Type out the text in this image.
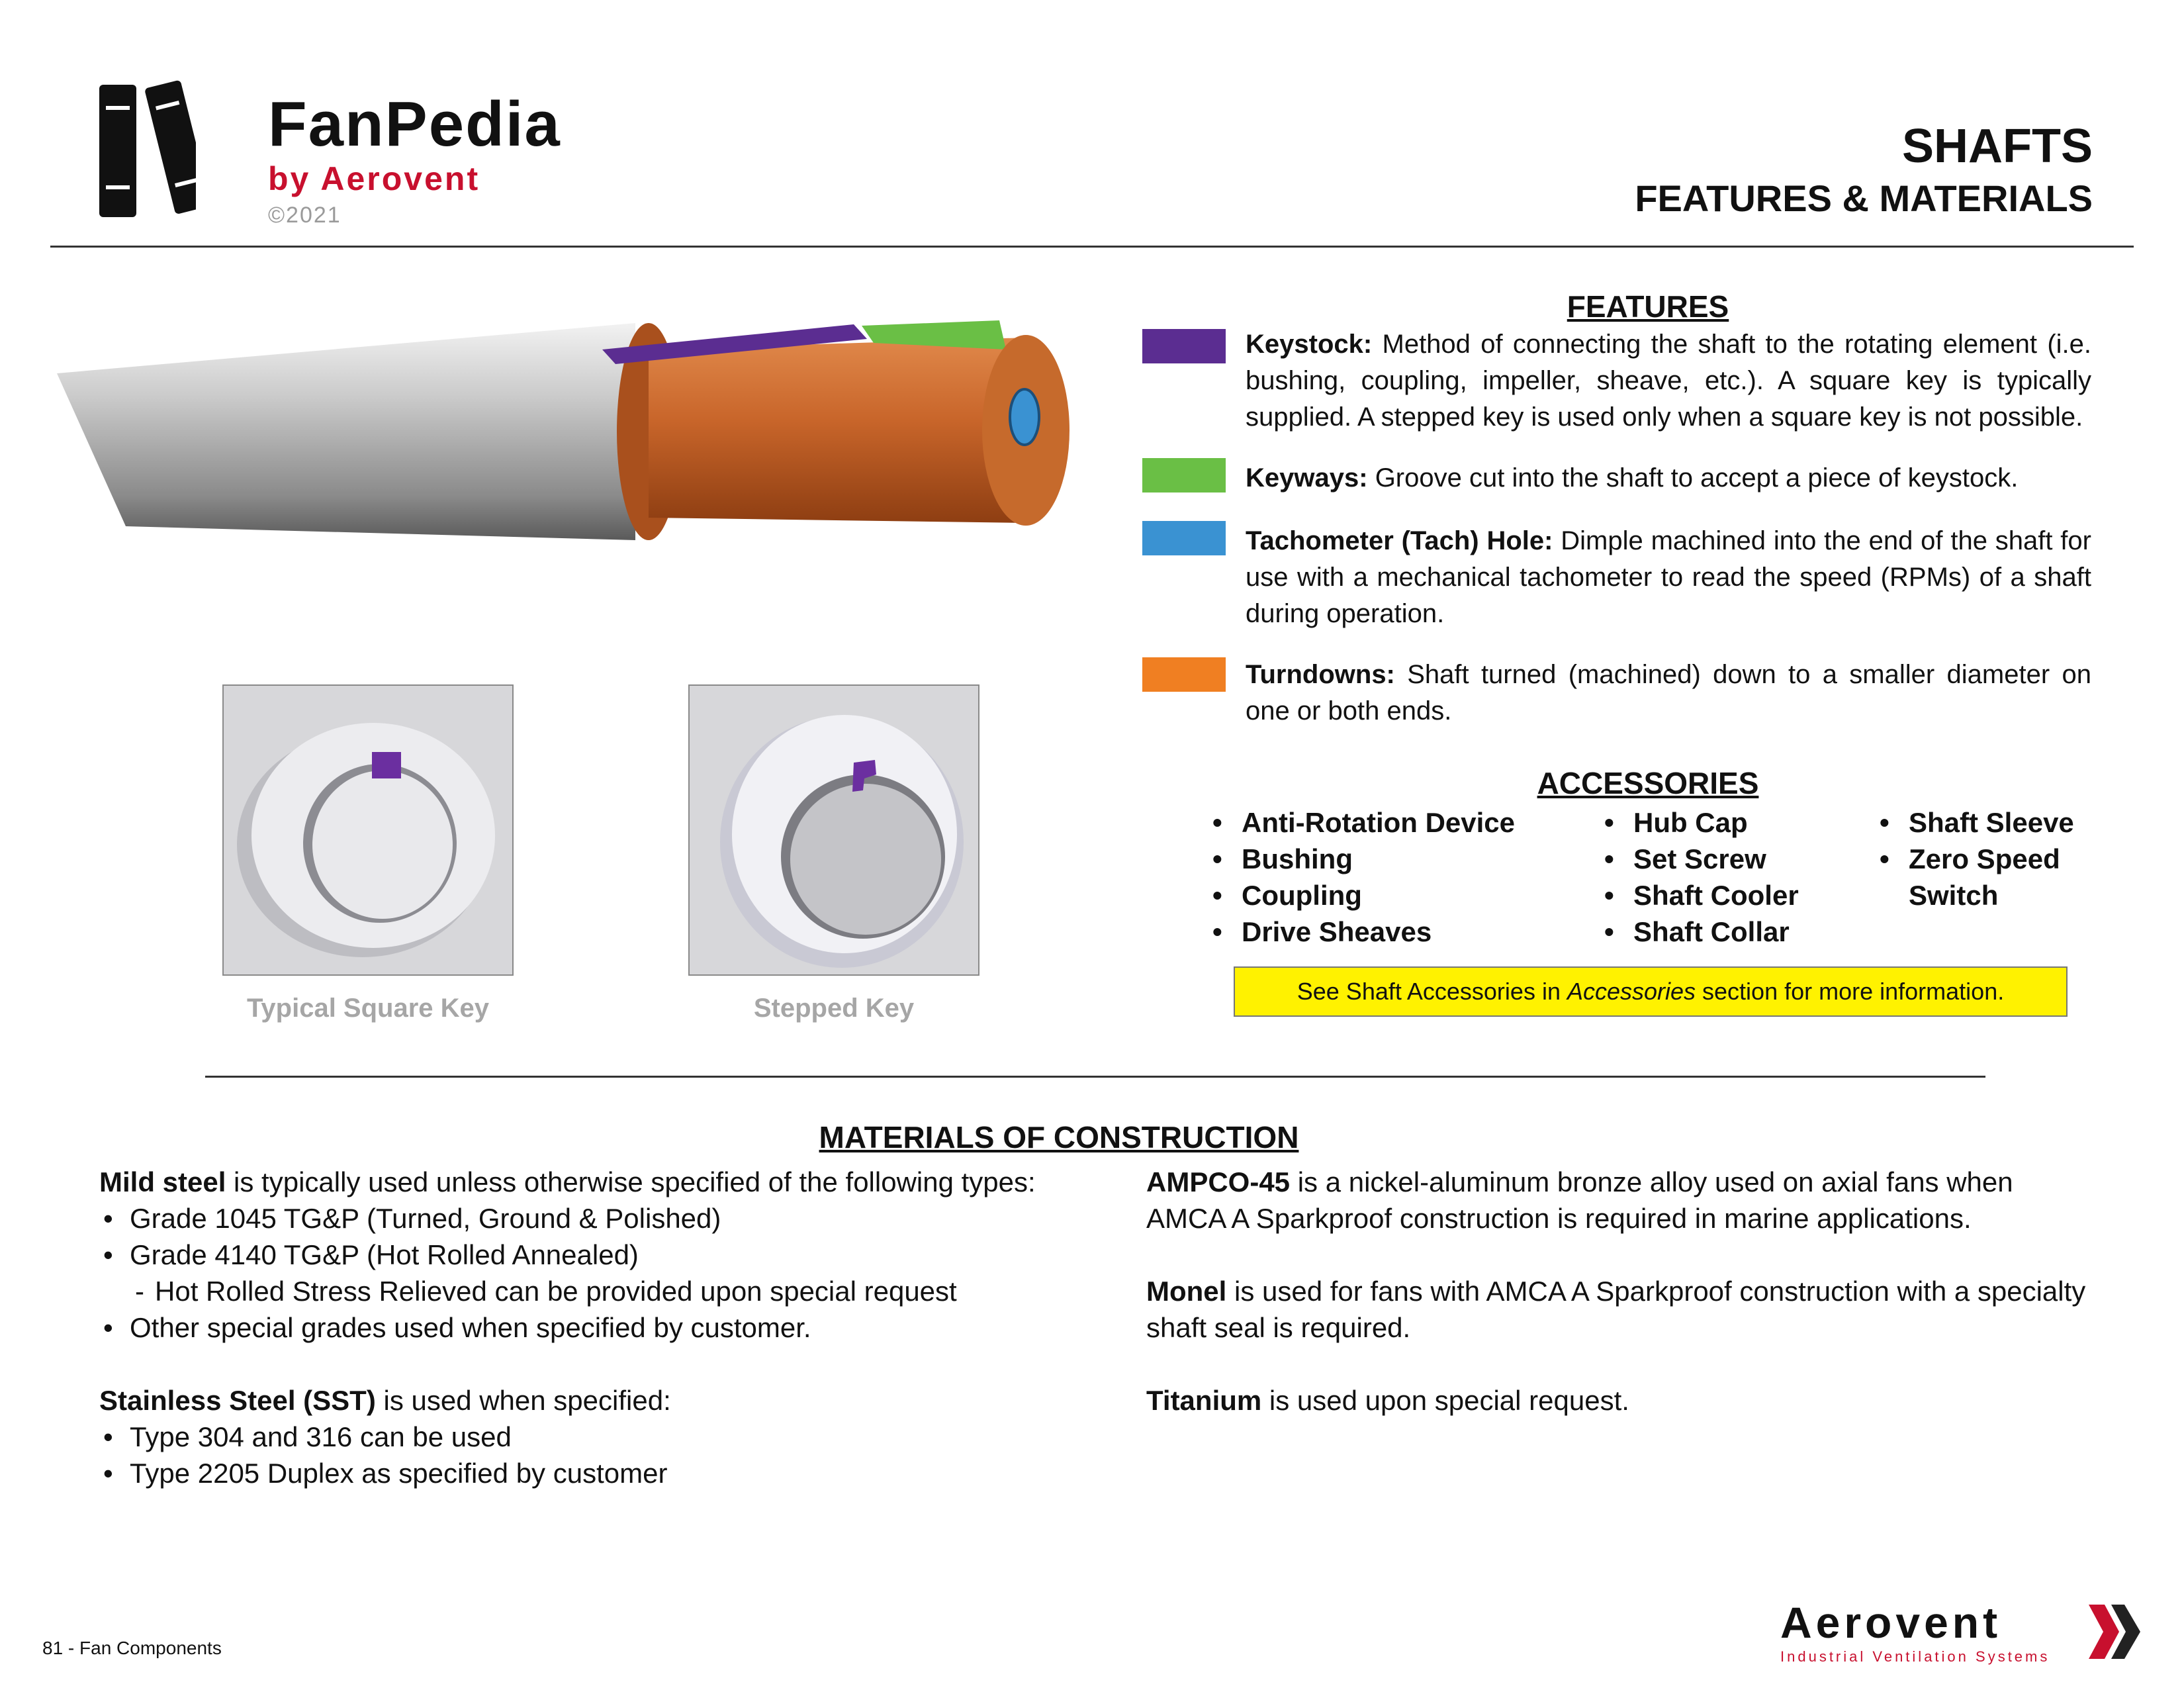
FanPedia
by Aerovent
©2021
SHAFTS
FEATURES & MATERIALS
Typical Square Key	Stepped Key
FEATURES
Keystock: Method of connecting the shaft to the rotating element (i.e. bushing, coupling, impeller, sheave, etc.). A square key is typically supplied. A stepped key is used only when a square key is not possible.
Keyways: Groove cut into the shaft to accept a piece of keystock.
Tachometer (Tach) Hole: Dimple machined into the end of the shaft for use with a mechanical tachometer to read the speed (RPMs) of a shaft during operation.
Turndowns: Shaft turned (machined) down to a smaller diameter on one or both ends.
ACCESSORIES
• Anti-Rotation Device
• Bushing
• Coupling
• Drive Sheaves
• Hub Cap
• Set Screw
• Shaft Cooler
• Shaft Collar
• Shaft Sleeve
• Zero Speed Switch
See Shaft Accessories in Accessories section for more information.
MATERIALS OF CONSTRUCTION

Mild steel is typically used unless otherwise specified of the following types:

• Grade 1045 TG&P (Turned, Ground & Polished)
• Grade 4140 TG&P (Hot Rolled Annealed)
- Hot Rolled Stress Relieved can be provided upon special request
• Other special grades used when specified by customer.

Stainless Steel (SST) is used when specified:

• Type 304 and 316 can be used
• Type 2205 Duplex as specified by customer

AMPCO-45 is a nickel-aluminum bronze alloy used on axial fans when AMCA A Sparkproof construction is required in marine applications.

Monel is used for fans with AMCA A Sparkproof construction with a specialty shaft seal is required.

Titanium is used upon special request.

81 - Fan Components
Aerovent
Industrial Ventilation Systems
